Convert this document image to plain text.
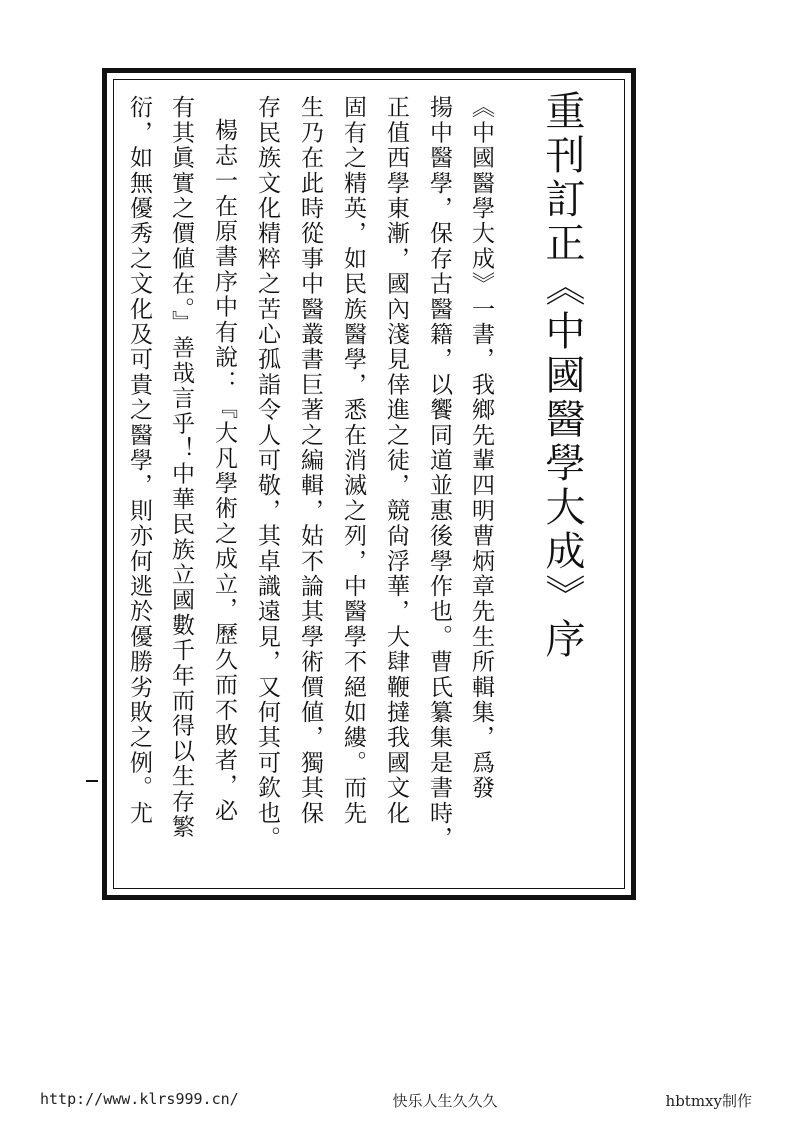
重刊訂正《中國醫學大成》序
《中國醫學大成》一書，我鄉先輩四明曹炳章先生所輯集，爲發
揚中醫學，保存古醫籍，以饗同道並惠後學作也。曹氏纂集是書時，
正值西學東漸，國內淺見倖進之徒，競尙浮華，大肆鞭撻我國文化
固有之精英，如民族醫學，悉在消滅之列，中醫學不絕如縷。而先
生乃在此時從事中醫叢書巨著之編輯，姑不論其學術價値，獨其保
存民族文化精粹之苦心孤詣令人可敬，其卓識遠見，又何其可欽也。
楊志一在原書序中有說：『大凡學術之成立，歷久而不敗者，必
有其眞實之價値在。』善哉言乎！中華民族立國數千年而得以生存繁
衍，如無優秀之文化及可貴之醫學，則亦何逃於優勝劣敗之例。尤
http://www.klrs999.cn/	快乐人生久久久	hbtmxy制作
